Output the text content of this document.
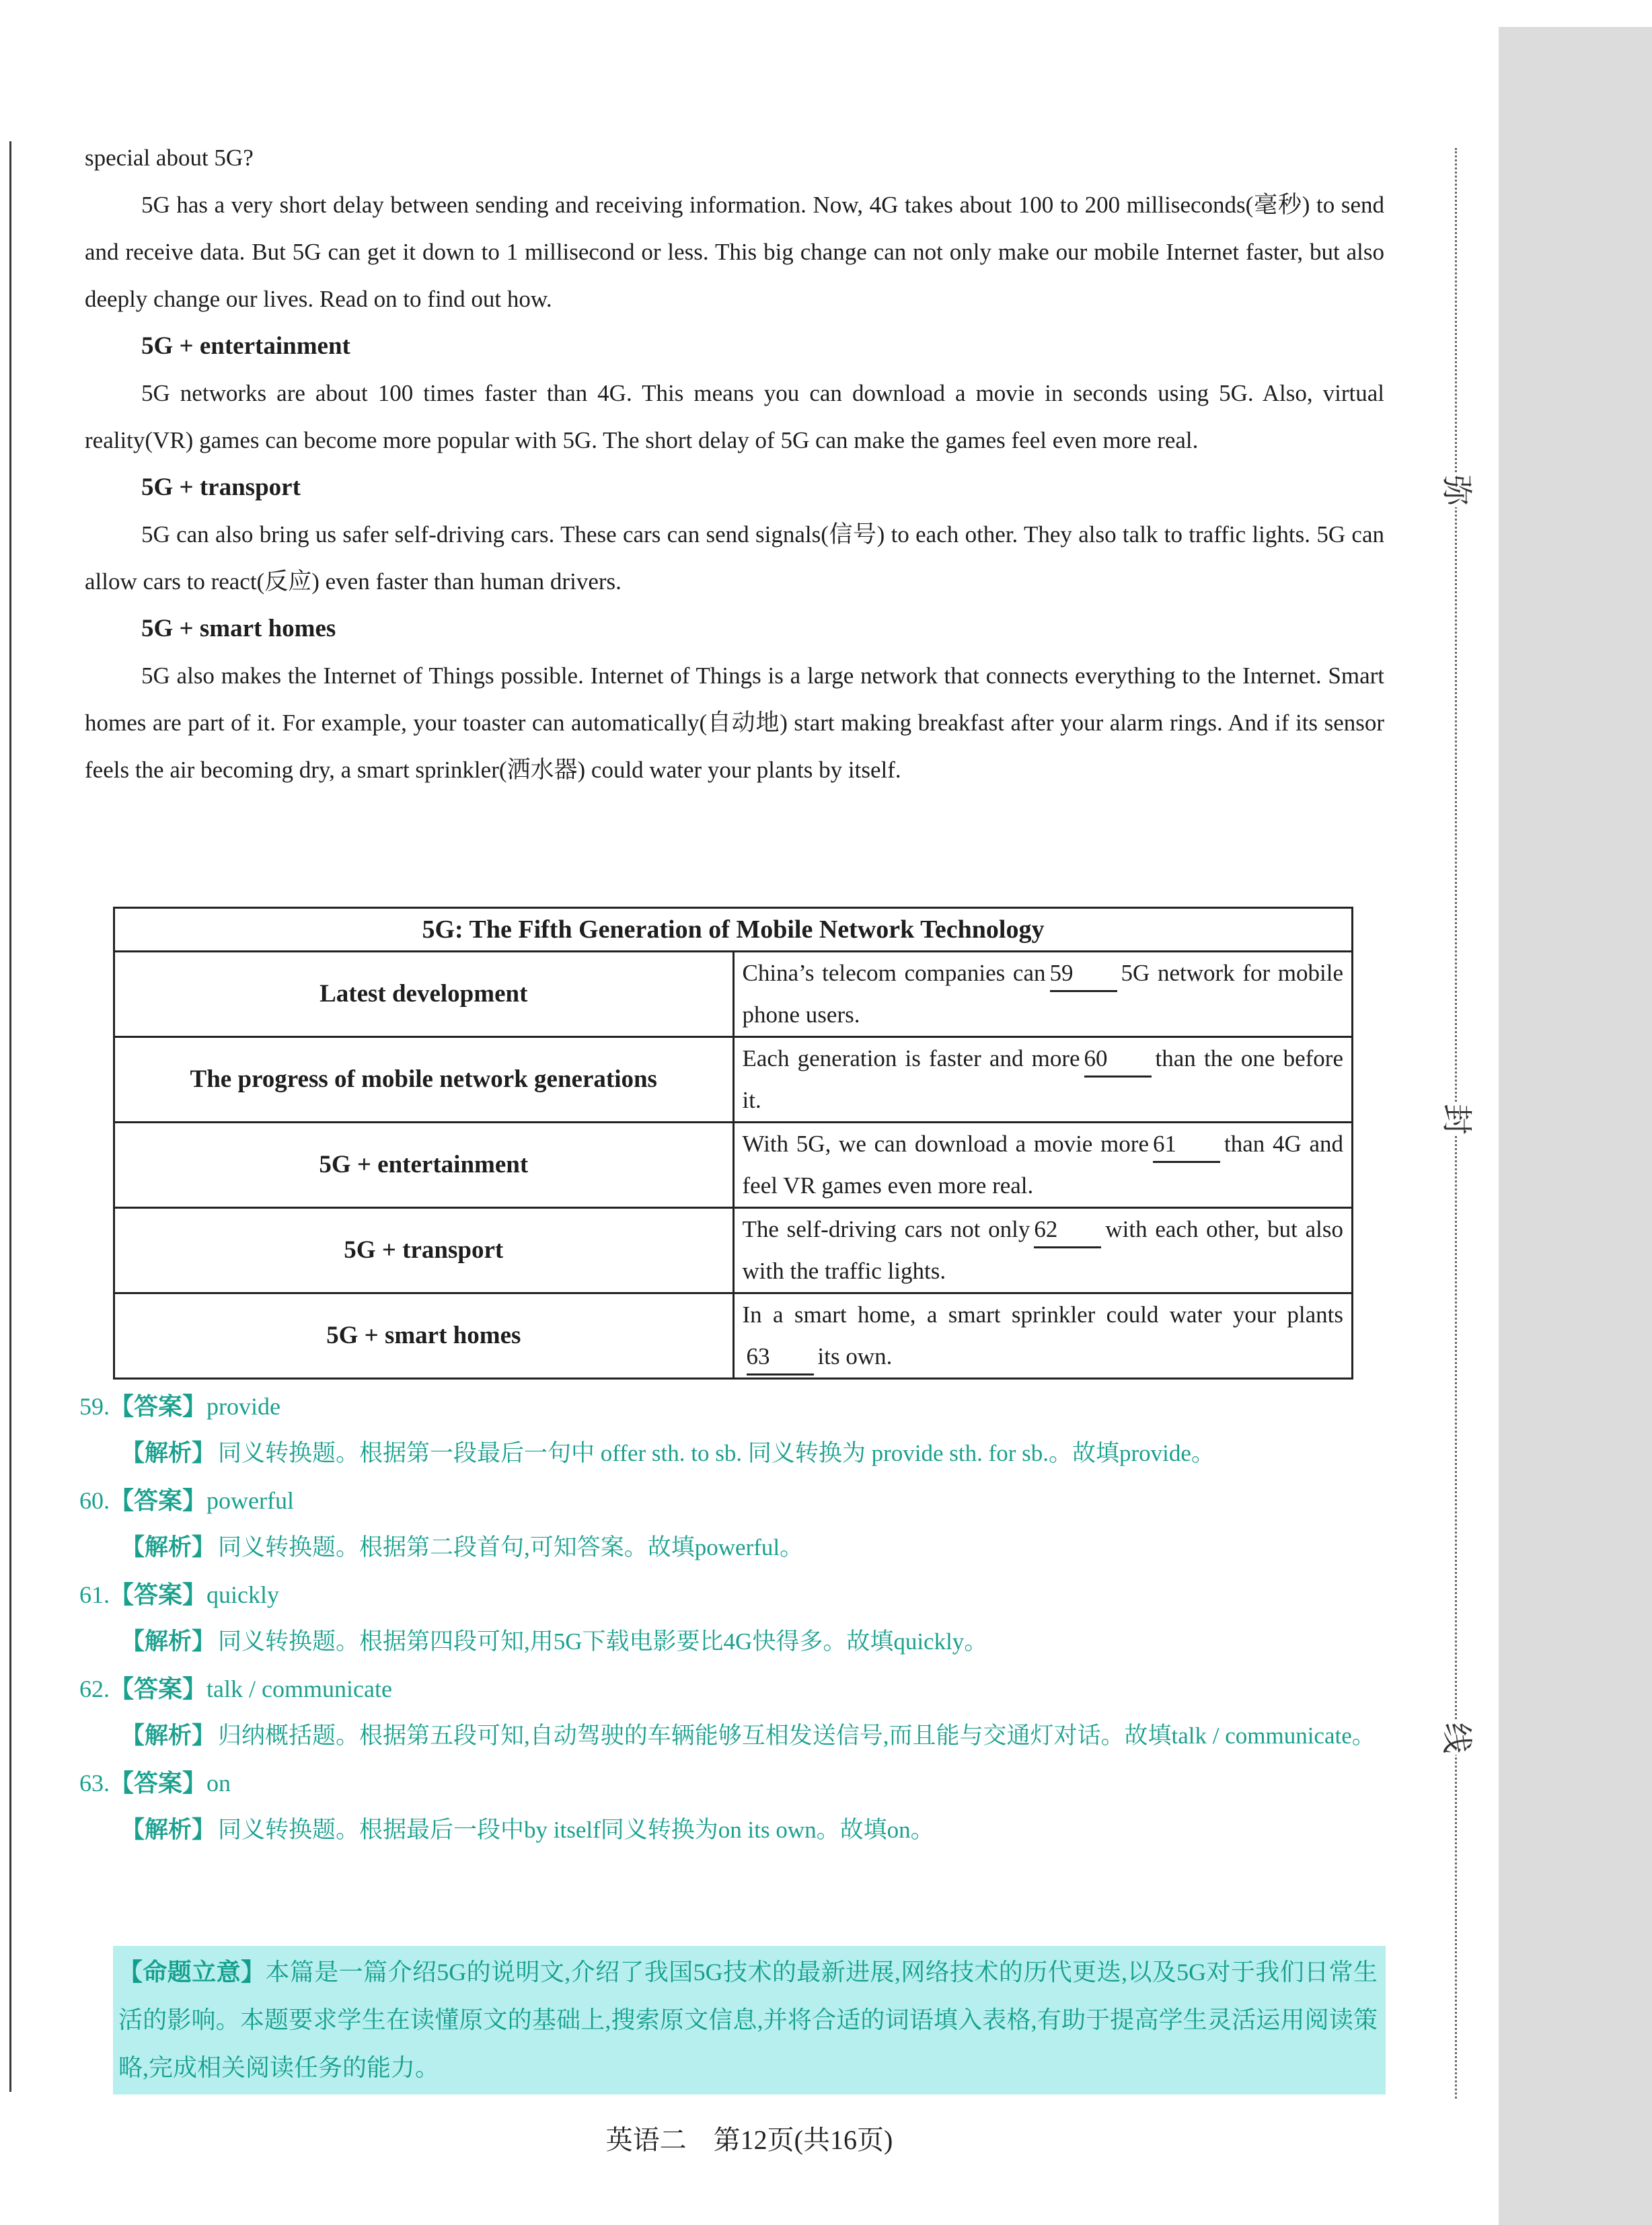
弥
封
线

special about 5G?

5G has a very short delay between sending and receiving information. Now, 4G takes about 100 to 200 milliseconds(毫秒) to send and receive data. But 5G can get it down to 1 millisecond or less. This big change can not only make our mobile Internet faster, but also deeply change our lives. Read on to find out how.

5G + entertainment

5G networks are about 100 times faster than 4G. This means you can download a movie in seconds using 5G. Also, virtual reality(VR) games can become more popular with 5G. The short delay of 5G can make the games feel even more real.

5G + transport

5G can also bring us safer self-driving cars. These cars can send signals(信号) to each other. They also talk to traffic lights. 5G can allow cars to react(反应) even faster than human drivers.

5G + smart homes

5G also makes the Internet of Things possible. Internet of Things is a large network that connects everything to the Internet. Smart homes are part of it. For example, your toaster can automatically(自动地) start making breakfast after your alarm rings. And if its sensor feels the air becoming dry, a smart sprinkler(洒水器) could water your plants by itself.

5G: The Fifth Generation of Mobile Network Technology	
Latest development	China’s telecom companies can 59 5G network for mobile phone users.
The progress of mobile network generations	Each generation is faster and more 60 than the one before it.
5G + entertainment	With 5G, we can download a movie more 61 than 4G and feel VR games even more real.
5G + transport	The self-driving cars not only 62 with each other, but also with the traffic lights.
5G + smart homes	In a smart home, a smart sprinkler could water your plants63 its own.

59.【答案】provide

【解析】 同义转换题。根据第一段最后一句中 offer sth. to sb. 同义转换为 provide sth. for sb.。故填provide。

60.【答案】powerful

【解析】 同义转换题。根据第二段首句,可知答案。故填powerful。

61.【答案】quickly

【解析】 同义转换题。根据第四段可知,用5G下载电影要比4G快得多。故填quickly。

62.【答案】talk / communicate

【解析】 归纳概括题。根据第五段可知,自动驾驶的车辆能够互相发送信号,而且能与交通灯对话。故填talk / communicate。

63.【答案】on

【解析】 同义转换题。根据最后一段中by itself同义转换为on its own。故填on。

【命题立意】本篇是一篇介绍5G的说明文,介绍了我国5G技术的最新进展,网络技术的历代更迭,以及5G对于我们日常生活的影响。本题要求学生在读懂原文的基础上,搜索原文信息,并将合适的词语填入表格,有助于提高学生灵活运用阅读策略,完成相关阅读任务的能力。
英语二　第12页(共16页)
